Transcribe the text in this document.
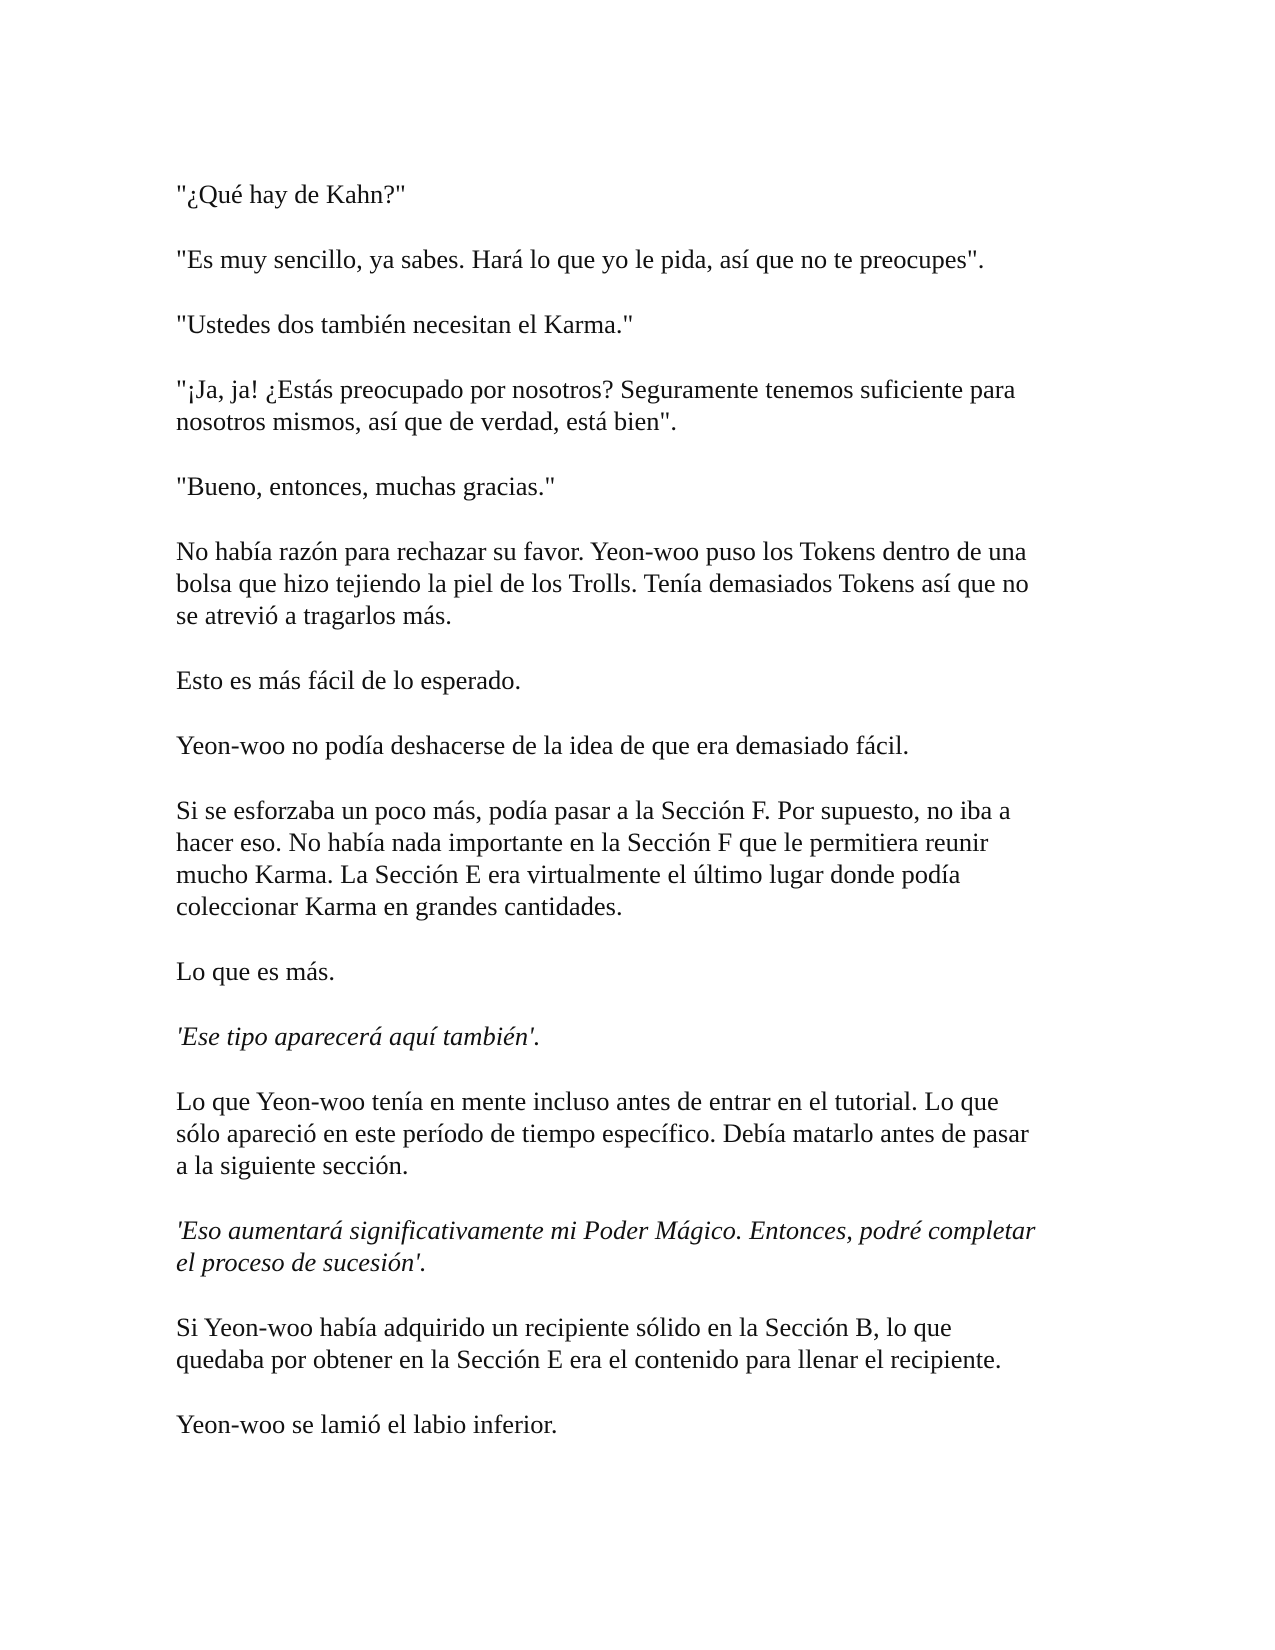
"¿Qué hay de Kahn?"

"Es muy sencillo, ya sabes. Hará lo que yo le pida, así que no te preocupes".

"Ustedes dos también necesitan el Karma."

"¡Ja, ja! ¿Estás preocupado por nosotros? Seguramente tenemos suficiente para
nosotros mismos, así que de verdad, está bien".

"Bueno, entonces, muchas gracias."

No había razón para rechazar su favor. Yeon-woo puso los Tokens dentro de una
bolsa que hizo tejiendo la piel de los Trolls. Tenía demasiados Tokens así que no
se atrevió a tragarlos más.

Esto es más fácil de lo esperado.

Yeon-woo no podía deshacerse de la idea de que era demasiado fácil.

Si se esforzaba un poco más, podía pasar a la Sección F. Por supuesto, no iba a
hacer eso. No había nada importante en la Sección F que le permitiera reunir
mucho Karma. La Sección E era virtualmente el último lugar donde podía
coleccionar Karma en grandes cantidades.

Lo que es más.

'Ese tipo aparecerá aquí también'.

Lo que Yeon-woo tenía en mente incluso antes de entrar en el tutorial. Lo que
sólo apareció en este período de tiempo específico. Debía matarlo antes de pasar
a la siguiente sección.

'Eso aumentará significativamente mi Poder Mágico. Entonces, podré completar
el proceso de sucesión'.

Si Yeon-woo había adquirido un recipiente sólido en la Sección B, lo que
quedaba por obtener en la Sección E era el contenido para llenar el recipiente.

Yeon-woo se lamió el labio inferior.
